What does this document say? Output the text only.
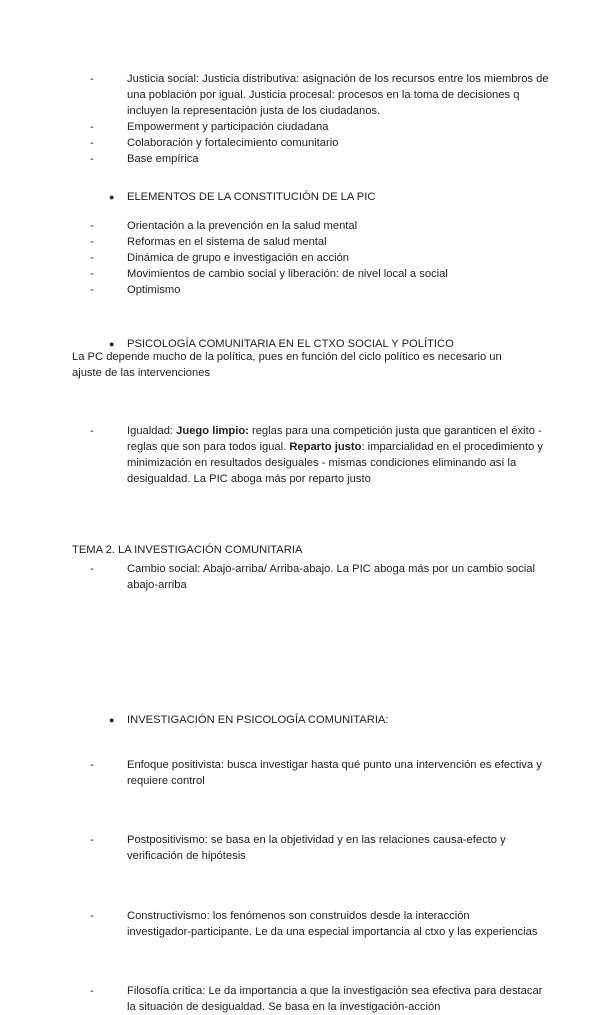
-	Justicia social: Justicia distributiva: asignación de los recursos entre los miembros de
una población por igual. Justicia procesal: procesos en la toma de decisiones q
incluyen la representación justa de los ciudadanos.
-	Empowerment y participación ciudadana
-	Colaboración y fortalecimiento comunitario
-	Base empírica
●	ELEMENTOS DE LA CONSTITUCIÓN DE LA PIC
-	Orientación a la prevención en la salud mental
-	Reformas en el sistema de salud mental
-	Dinámica de grupo e investigación en acción
-	Movimientos de cambio social y liberación: de nivel local a social
-	Optimismo
●	PSICOLOGÍA COMUNITARIA EN EL CTXO SOCIAL Y POLÍTICO
La PC depende mucho de la política, pues en función del ciclo político es necesario un
ajuste de las intervenciones
-	Igualdad: Juego limpio: reglas para una competición justa que garanticen el éxito -
reglas que son para todos igual. Reparto justo: imparcialidad en el procedimiento y
minimización en resultados desiguales - mismas condiciones eliminando así la
desigualdad. La PIC aboga más por reparto justo
-	Cambio social: Abajo-arriba/ Arriba-abajo. La PIC aboga más por un cambio social
abajo-arriba
TEMA 2. LA INVESTIGACIÓN COMUNITARIA
●	INVESTIGACIÓN EN PSICOLOGÍA COMUNITARIA:
-	Enfoque positivista: busca investigar hasta qué punto una intervención es efectiva y
requiere control
-	Postpositivismo: se basa en la objetividad y en las relaciones causa-efecto y
verificación de hipótesis
-	Constructivismo: los fenómenos son construidos desde la interacción
investigador-participante. Le da una especial importancia al ctxo y las experiencias
-	Filosofía crítica: Le da importancia a que la investigación sea efectiva para destacar
la situación de desigualdad. Se basa en la investigación-acción
